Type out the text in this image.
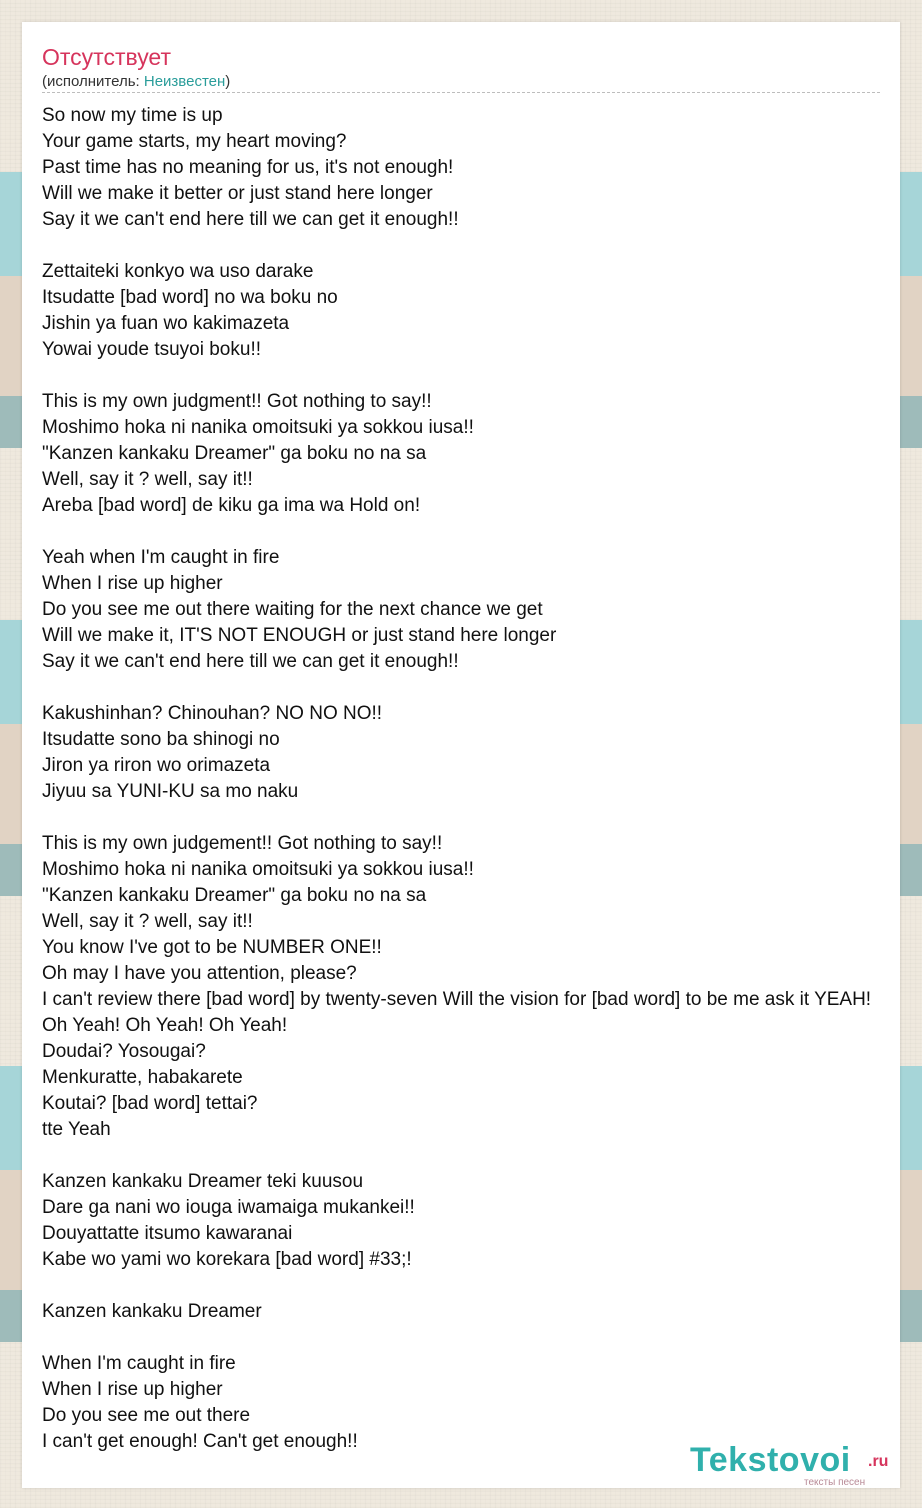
Отсутствует
(исполнитель: Неизвестен)
So now my time is up
Your game starts, my heart moving?
Past time has no meaning for us, it's not enough!
Will we make it better or just stand here longer
Say it we can't end here till we can get it enough!!
Zettaiteki konkyo wa uso darake
Itsudatte [bad word] no wa boku no
Jishin ya fuan wo kakimazeta
Yowai youde tsuyoi boku!!
This is my own judgment!! Got nothing to say!!
Moshimo hoka ni nanika omoitsuki ya sokkou iusa!!
"Kanzen kankaku Dreamer" ga boku no na sa
Well, say it ? well, say it!!
Areba [bad word] de kiku ga ima wa Hold on!
Yeah when I'm caught in fire
When I rise up higher
Do you see me out there waiting for the next chance we get
Will we make it, IT'S NOT ENOUGH or just stand here longer
Say it we can't end here till we can get it enough!!
Kakushinhan? Chinouhan? NO NO NO!!
Itsudatte sono ba shinogi no
Jiron ya riron wo orimazeta
Jiyuu sa YUNI-KU sa mo naku
This is my own judgement!! Got nothing to say!!
Moshimo hoka ni nanika omoitsuki ya sokkou iusa!!
"Kanzen kankaku Dreamer" ga boku no na sa
Well, say it ? well, say it!!
You know I've got to be NUMBER ONE!!
Oh may I have you attention, please?
I can't review there [bad word] by twenty-seven Will the vision for [bad word] to be me ask it YEAH!
Oh Yeah! Oh Yeah! Oh Yeah!
Doudai? Yosougai?
Menkuratte, habakarete
Koutai? [bad word] tettai?
tte Yeah
Kanzen kankaku Dreamer teki kuusou
Dare ga nani wo iouga iwamaiga mukankei!!
Douyattatte itsumo kawaranai
Kabe wo yami wo korekara [bad word] #33;!
Kanzen kankaku Dreamer
When I'm caught in fire
When I rise up higher
Do you see me out there
I can't get enough! Can't get enough!!	Tekstovoi .ru
тексты песен
